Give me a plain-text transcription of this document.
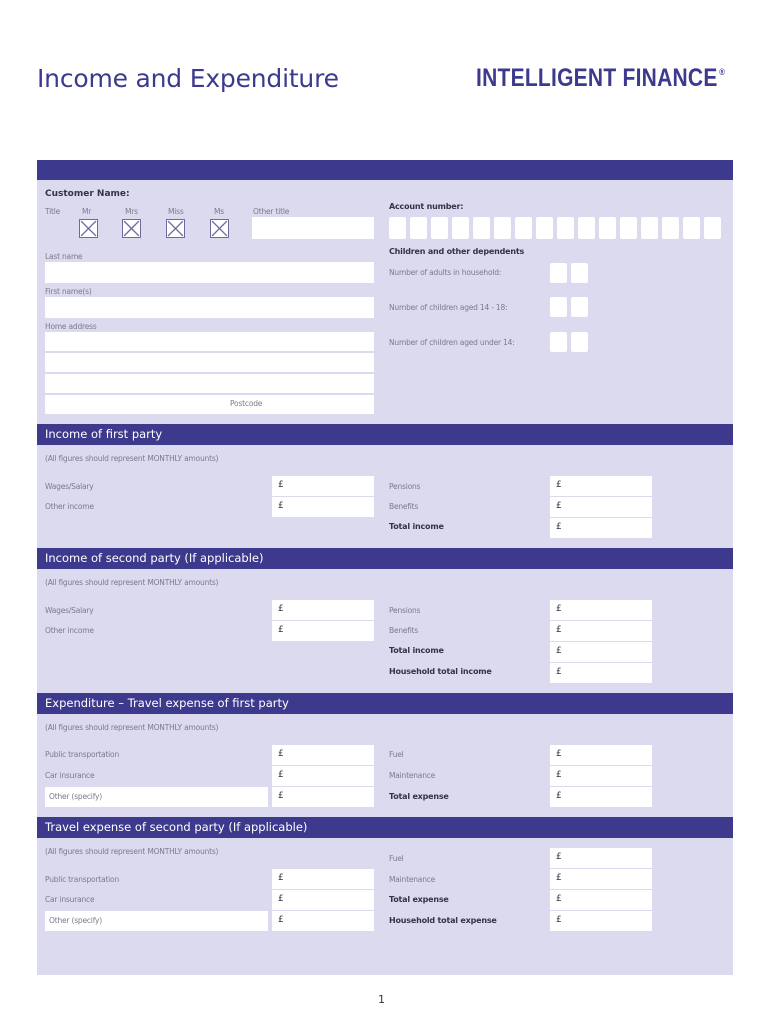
Income and Expenditure	INTELLIGENT FINANCE ®
Customer Name:
Title	Mr	Mrs	Miss	Ms	Other title
Last name
First name(s)
Home address
Postcode
Account number:
Children and other dependents
Number of adults in household:
Number of children aged 14 - 18:
Number of children aged under 14:
Income of first party
(All figures should represent MONTHLY amounts)
Wages/Salary	£
Other income	£
Pensions	£
Benefits	£
Total income	£
Income of second party (If applicable)
(All figures should represent MONTHLY amounts)
Wages/Salary	£
Other income	£
Pensions	£
Benefits	£
Total income	£
Household total income	£
Expenditure – Travel expense of first party
(All figures should represent MONTHLY amounts)
Public transportation	£
Car insurance	£
Other (specify)	£
Fuel	£
Maintenance	£
Total expense	£
Travel expense of second party (If applicable)
(All figures should represent MONTHLY amounts)
Public transportation	£
Car insurance	£
Other (specify)	£
Fuel	£
Maintenance	£
Total expense	£
Household total expense	£
1
